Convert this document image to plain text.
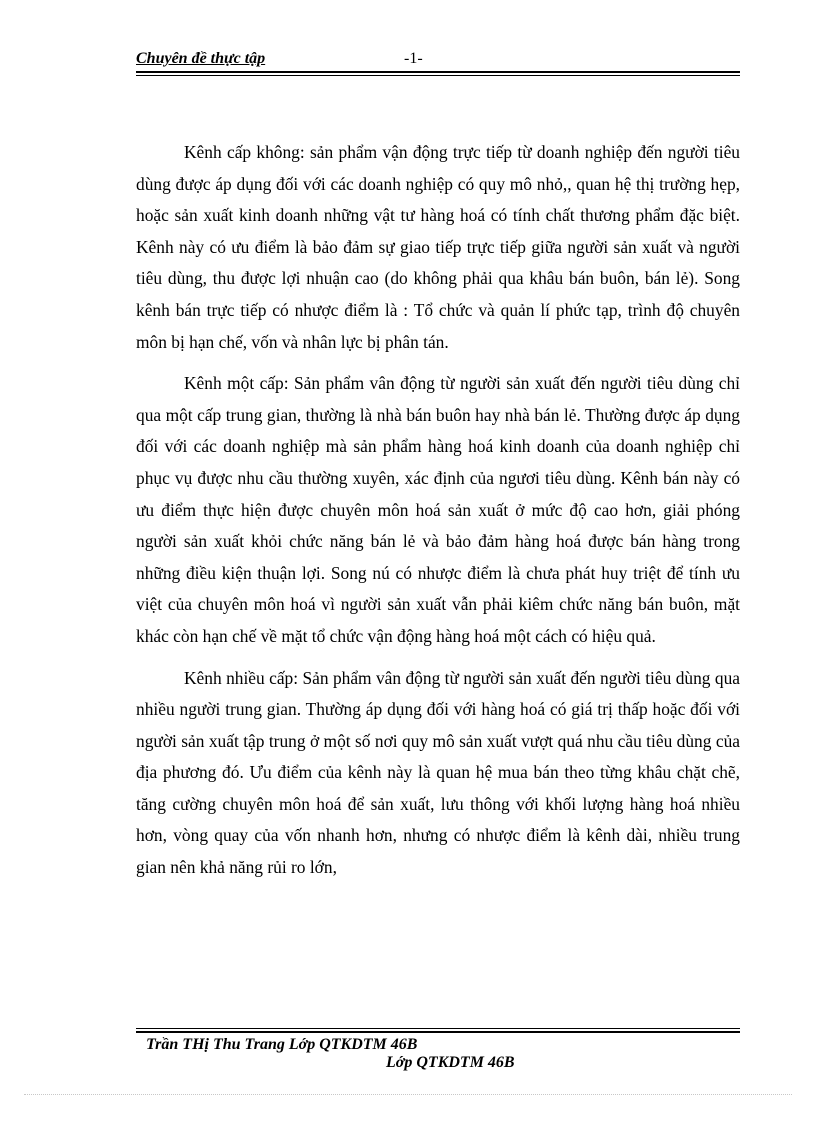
Chuyên đề thực tập	-1-

Kênh cấp không: sản phẩm vận động trực tiếp từ doanh nghiệp đến người tiêu dùng được áp dụng đối với các doanh nghiệp có quy mô nhỏ,, quan hệ thị trường hẹp, hoặc sản xuất kinh doanh những vật tư hàng hoá có tính chất thương phẩm đặc biệt. Kênh này có ưu điểm là bảo đảm sự giao tiếp trực tiếp giữa người sản xuất và người tiêu dùng, thu được lợi nhuận cao (do không phải qua khâu bán buôn, bán lẻ). Song kênh bán trực tiếp có nhược điểm là : Tổ chức và quản lí phức tạp, trình độ chuyên môn bị hạn chế, vốn và nhân lực bị phân tán.

Kênh một cấp: Sản phẩm vân động từ người sản xuất đến người tiêu dùng chỉ qua một cấp trung gian, thường là nhà bán buôn hay nhà bán lẻ. Thường được áp dụng đối với các doanh nghiệp mà sản phẩm hàng hoá kinh doanh của doanh nghiệp chỉ phục vụ được nhu cầu thường xuyên, xác định của ngươi tiêu dùng. Kênh bán này có ưu điểm thực hiện được chuyên môn hoá sản xuất ở mức độ cao hơn, giải phóng người sản xuất khỏi chức năng bán lẻ và bảo đảm hàng hoá được bán hàng trong những điều kiện thuận lợi. Song nú có nhược điểm là chưa phát huy triệt để tính ưu việt của chuyên môn hoá vì người sản xuất vẫn phải kiêm chức năng bán buôn, mặt khác còn hạn chế về mặt tổ chức vận động hàng hoá một cách có hiệu quả.

Kênh nhiều cấp: Sản phẩm vân động từ người sản xuất đến người tiêu dùng qua nhiều người trung gian. Thường áp dụng đối với hàng hoá có giá trị thấp hoặc đối với người sản xuất tập trung ở một số nơi quy mô sản xuất vượt quá nhu cầu tiêu dùng của địa phương đó. Ưu điểm của kênh này là quan hệ mua bán theo từng khâu chặt chẽ, tăng cường chuyên môn hoá để sản xuất, lưu thông với khối lượng hàng hoá nhiều hơn, vòng quay của vốn nhanh hơn, nhưng có nhược điểm là kênh dài, nhiều trung gian nên khả năng rủi ro lớn,

Trần THị Thu Trang Lớp QTKDTM 46B
Lớp QTKDTM 46B
